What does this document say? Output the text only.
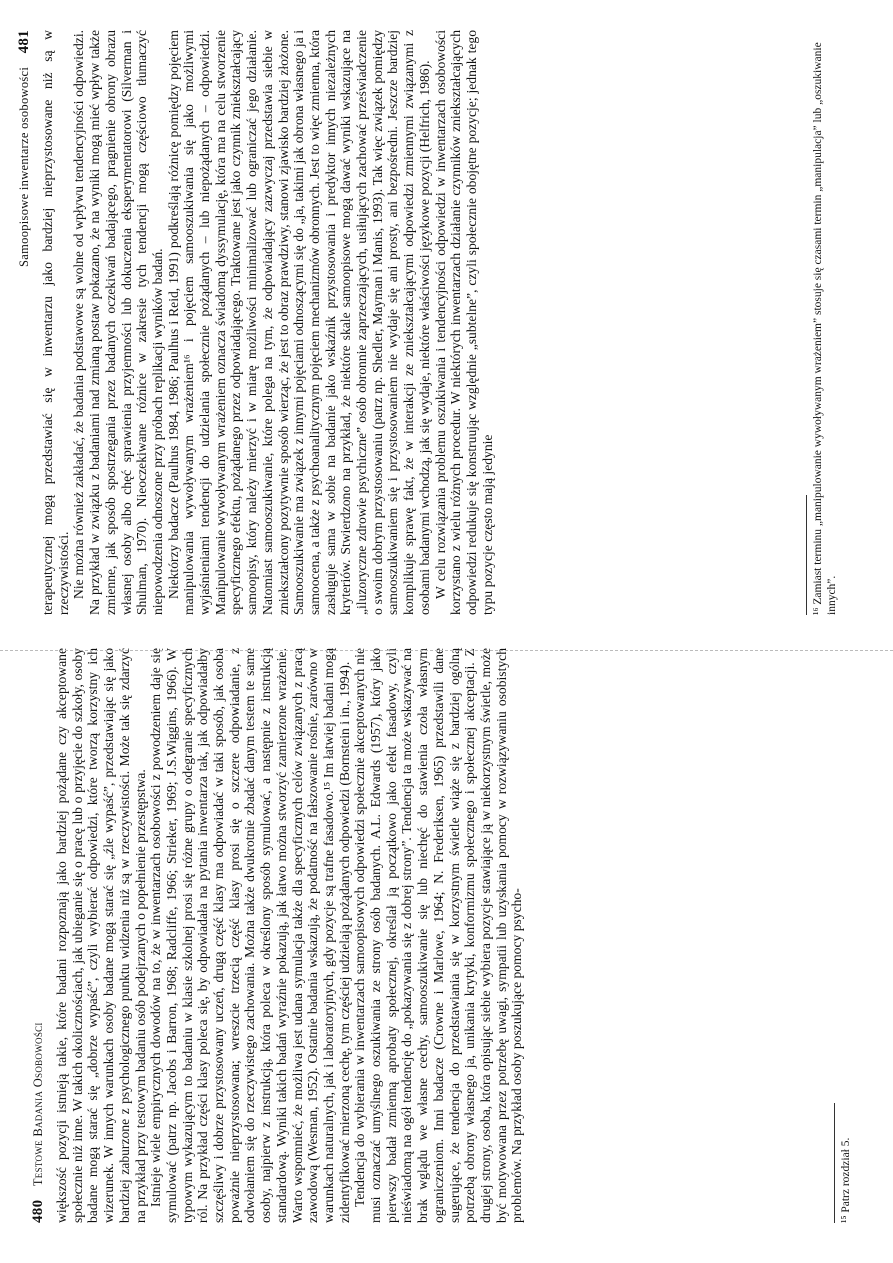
480 Testowe Badania Osobowości większość pozycji istnieją takie, które badani rozpoznają jako bardziej pożądane czy akceptowane społecznie niż inne. W takich okolicznościach, jak ubieganie się o pracę lub o przyjęcie do szkoły, osoby badane mogą starać się „dobrze wypaść”, czyli wybierać odpowiedzi, które tworzą korzystny ich wizerunek. W innych warunkach osoby badane mogą starać się „źle wypaść”, przedstawiając się jako bardziej zaburzone z psychologicznego punktu widzenia niż są w rzeczywistości. Może tak się zdarzyć na przykład przy testowym badaniu osób podejrzanych o popełnienie przestępstwa. Istnieje wiele empirycznych dowodów na to, że w inwentarzach osobowości z powodzeniem daje się symulować (patrz np. Jacobs i Barron, 1968; Radcliffe, 1966; Strieker, 1969; J.S.Wiggins, 1966). W typowym wykazującym to badaniu w klasie szkolnej prosi się różne grupy o odegranie specyficznych ról. Na przykład części klasy poleca się, by odpowiadała na pytania inwentarza tak, jak odpowiadałby szczęśliwy i dobrze przystosowany uczeń, drugą część klasy ma odpowiadać w taki sposób, jak osoba poważnie nieprzystosowana; wreszcie trzecią część klasy prosi się o szczere odpowiadanie, z odwołaniem się do rzeczywistego zachowania. Można także dwukrotnie zbadać danym testem te same osoby, najpierw z instrukcją, która poleca w określony sposób symulować, a następnie z instrukcją standardową. Wyniki takich badań wyraźnie pokazują, jak łatwo można stworzyć zamierzone wrażenie. Warto wspomnieć, że możliwa jest udana symulacja także dla specyficznych celów związanych z pracą zawodową (Wesman, 1952). Ostatnie badania wskazują, że podatność na fałszowanie rośnie, zarówno w warunkach naturalnych, jak i laboratoryjnych, gdy pozycje są trafne fasadowo.¹⁵ Im łatwiej badani mogą zidentyfikować mierzoną cechę, tym częściej udzielają pożądanych odpowiedzi (Bornstein i in., 1994). Tendencja do wybierania w inwentarzach samoopisowych odpowiedzi społecznie akceptowanych nie musi oznaczać umyślnego oszukiwania ze strony osób badanych. A.L. Edwards (1957), który jako pierwszy badał zmienną aprobaty społecznej, określał ją początkowo jako efekt fasadowy, czyli nieświadomą na ogół tendencję do „pokazywania się z dobrej strony”. Tendencja ta może wskazywać na brak wglądu we własne cechy, samooszukiwanie się lub niechęć do stawienia czoła własnym ograniczeniom. Inni badacze (Crowne i Marlowe, 1964; N. Frederiksen, 1965) przedstawili dane sugerujące, że tendencja do przedstawiania się w korzystnym świetle wiąże się z bardziej ogólną potrzebą obrony własnego ja, unikania krytyki, konformizmu społecznego i społecznej akceptacji. Z drugiej strony, osoba, która opisując siebie wybiera pozycje stawiające ją w niekorzystnym świetle, może być motywowana przez potrzebę uwagi, sympatii lub uzyskania pomocy w rozwiązywaniu osobistych problemów. Na przykład osoby poszukujące pomocy psycho-	¹⁵ Patrz rozdział 5.
Samoopisowe inwentarze osobowości 481 terapeutycznej mogą przedstawiać się w inwentarzu jako bardziej nieprzystosowane niż są w rzeczywistości. Nie można również zakładać, że badania podstawowe są wolne od wpływu tendencyjności odpowiedzi. Na przykład w związku z badaniami nad zmianą postaw pokazano, że na wyniki mogą mieć wpływ także zmienne, jak sposób spostrzegania przez badanych oczekiwań badającego, pragnienie obrony obrazu własnej osoby albo chęć sprawienia przyjemności lub dokuczenia eksperymentatorowi (Silverman i Shulman, 1970). Nieoczekiwane różnice w zakresie tych tendencji mogą częściowo tłumaczyć niepowodzenia odnoszone przy próbach replikacji wyników badań. Niektórzy badacze (Paulhus 1984, 1986; Paulhus i Reid, 1991) podkreślają różnicę pomiędzy pojęciem manipulowania wywoływanym wrażeniem¹⁶ i pojęciem samooszukiwania się jako możliwymi wyjaśnieniami tendencji do udzielania społecznie pożądanych – lub niepożądanych – odpowiedzi. Manipulowanie wywoływanym wrażeniem oznacza świadomą dyssymulację, która ma na celu stworzenie specyficznego efektu, pożądanego przez odpowiadającego. Traktowane jest jako czynnik zniekształcający samoopisy, który należy mierzyć i w miarę możliwości minimalizować lub ograniczać jego działanie. Natomiast samooszukiwanie, które polega na tym, że odpowiadający zazwyczaj przedstawia siebie w zniekształcony pozytywnie sposób wierząc, że jest to obraz prawdziwy, stanowi zjawisko bardziej złożone. Samooszukiwanie ma związek z innymi pojęciami odnoszącymi się do „ja, takimi jak obrona własnego ja i samoocena, a także z psychoanalitycznym pojęciem mechanizmów obronnych. Jest to więc zmienna, która zasługuje sama w sobie na badanie jako wskaźnik przystosowania i predyktor innych niezależnych kryteriów. Stwierdzono na przykład, że niektóre skale samoopisowe mogą dawać wyniki wskazujące na „iluzoryczne zdrowie psychiczne” osób obronnie zaprzeczających, usiłujących zachować przeświadczenie o swoim dobrym przystosowaniu (patrz np. Shedler, Mayman i Manis, 1993). Tak więc związek pomiędzy samooszukiwaniem się i przystosowaniem nie wydaje się ani prosty, ani bezpośredni. Jeszcze bardziej komplikuje sprawę fakt, że w interakcji ze zniekształcającymi odpowiedzi zmiennymi związanymi z osobami badanymi wchodzą, jak się wydaje, niektóre właściwości językowe pozycji (Helfrich, 1986). W celu rozwiązania problemu oszukiwania i tendencyjności odpowiedzi w inwentarzach osobowości korzystano z wielu różnych procedur. W niektórych inwentarzach działanie czynników zniekształcających odpowiedzi redukuje się konstruując względnie „subtelne”, czyli społecznie obojętne pozycje; jednak tego typu pozycje często mają jedynie	¹⁶ Zamiast terminu „manipulowanie wywoływanym wrażeniem” stosuje się czasami termin „manipulacja” lub „oszukiwanie innych”.
